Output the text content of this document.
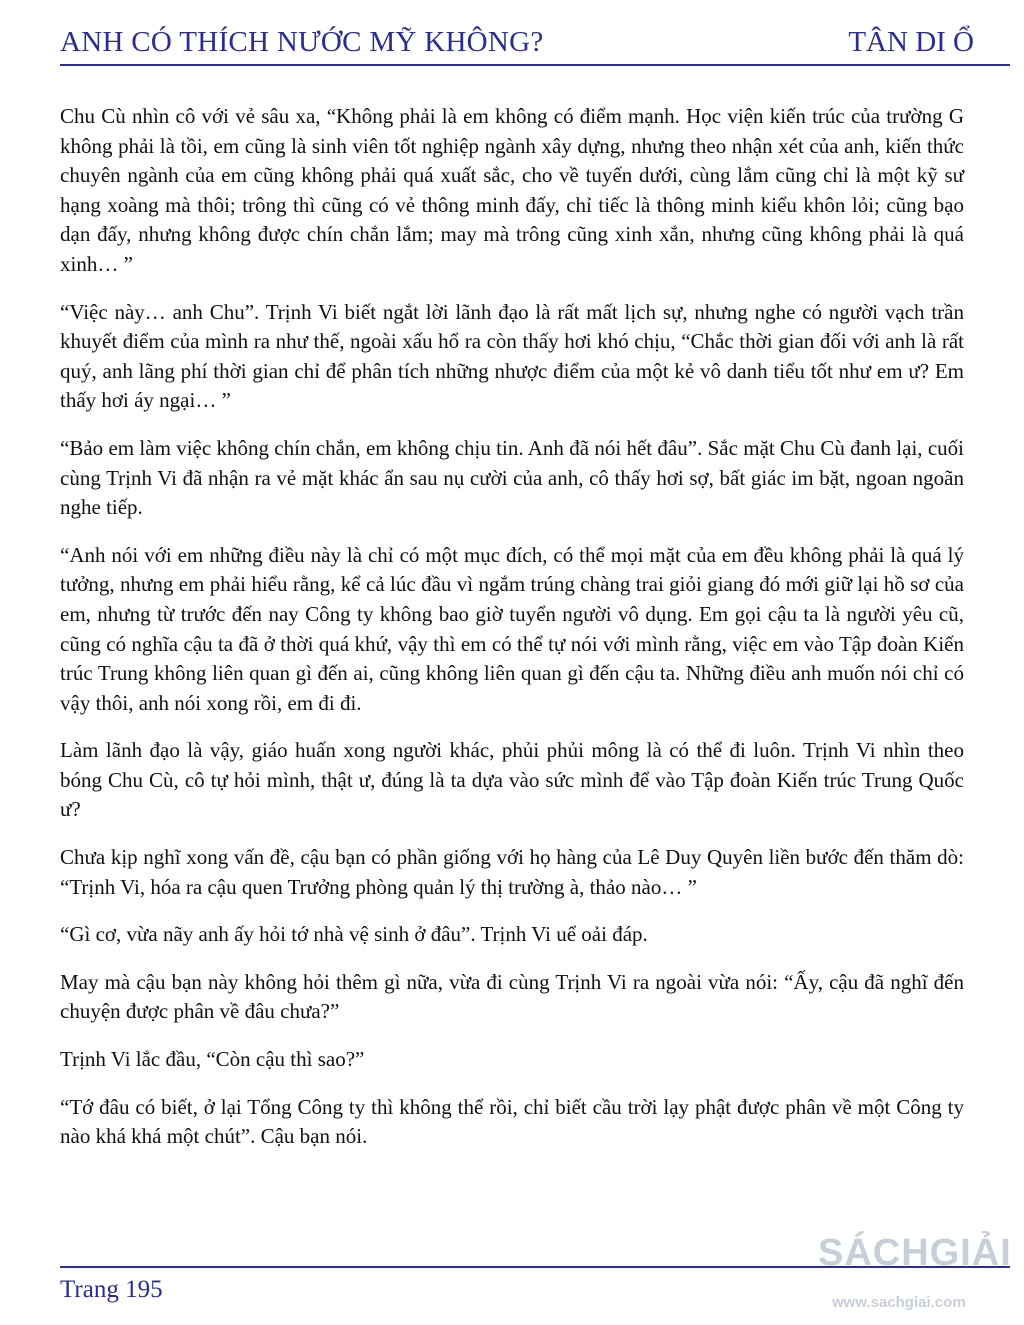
ANH CÓ THÍCH NƯỚC MỸ KHÔNG?	TÂN DI Ổ

Chu Cù nhìn cô với vẻ sâu xa, “Không phải là em không có điểm mạnh. Học viện kiến trúc của trường G không phải là tồi, em cũng là sinh viên tốt nghiệp ngành xây dựng, nhưng theo nhận xét của anh, kiến thức chuyên ngành của em cũng không phải quá xuất sắc, cho về tuyến dưới, cùng lắm cũng chỉ là một kỹ sư hạng xoàng mà thôi; trông thì cũng có vẻ thông minh đấy, chỉ tiếc là thông minh kiểu khôn lỏi; cũng bạo dạn đấy, nhưng không được chín chắn lắm; may mà trông cũng xinh xắn, nhưng cũng không phải là quá xinh… ”

“Việc này… anh Chu”. Trịnh Vi biết ngắt lời lãnh đạo là rất mất lịch sự, nhưng nghe có người vạch trần khuyết điểm của mình ra như thế, ngoài xấu hổ ra còn thấy hơi khó chịu, “Chắc thời gian đối với anh là rất quý, anh lãng phí thời gian chỉ để phân tích những nhược điểm của một kẻ vô danh tiểu tốt như em ư? Em thấy hơi áy ngại… ”

“Bảo em làm việc không chín chắn, em không chịu tin. Anh đã nói hết đâu”. Sắc mặt Chu Cù đanh lại, cuối cùng Trịnh Vi đã nhận ra vẻ mặt khác ẩn sau nụ cười của anh, cô thấy hơi sợ, bất giác im bặt, ngoan ngoãn nghe tiếp.

“Anh nói với em những điều này là chỉ có một mục đích, có thể mọi mặt của em đều không phải là quá lý tưởng, nhưng em phải hiểu rằng, kể cả lúc đầu vì ngắm trúng chàng trai giỏi giang đó mới giữ lại hồ sơ của em, nhưng từ trước đến nay Công ty không bao giờ tuyển người vô dụng. Em gọi cậu ta là người yêu cũ, cũng có nghĩa cậu ta đã ở thời quá khứ, vậy thì em có thể tự nói với mình rằng, việc em vào Tập đoàn Kiến trúc Trung không liên quan gì đến ai, cũng không liên quan gì đến cậu ta. Những điều anh muốn nói chỉ có vậy thôi, anh nói xong rồi, em đi đi.

Làm lãnh đạo là vậy, giáo huấn xong người khác, phủi phủi mông là có thể đi luôn. Trịnh Vi nhìn theo bóng Chu Cù, cô tự hỏi mình, thật ư, đúng là ta dựa vào sức mình để vào Tập đoàn Kiến trúc Trung Quốc ư?

Chưa kịp nghĩ xong vấn đề, cậu bạn có phần giống với họ hàng của Lê Duy Quyên liền bước đến thăm dò: “Trịnh Vi, hóa ra cậu quen Trưởng phòng quản lý thị trường à, thảo nào… ”

“Gì cơ, vừa nãy anh ấy hỏi tớ nhà vệ sinh ở đâu”. Trịnh Vi uể oải đáp.

May mà cậu bạn này không hỏi thêm gì nữa, vừa đi cùng Trịnh Vi ra ngoài vừa nói: “Ấy, cậu đã nghĩ đến chuyện được phân về đâu chưa?”

Trịnh Vi lắc đầu, “Còn cậu thì sao?”

“Tớ đâu có biết, ở lại Tổng Công ty thì không thể rồi, chỉ biết cầu trời lạy phật được phân về một Công ty nào khá khá một chút”. Cậu bạn nói.

Trang 195
SÁCHGIẢI
www.sachgiai.com
